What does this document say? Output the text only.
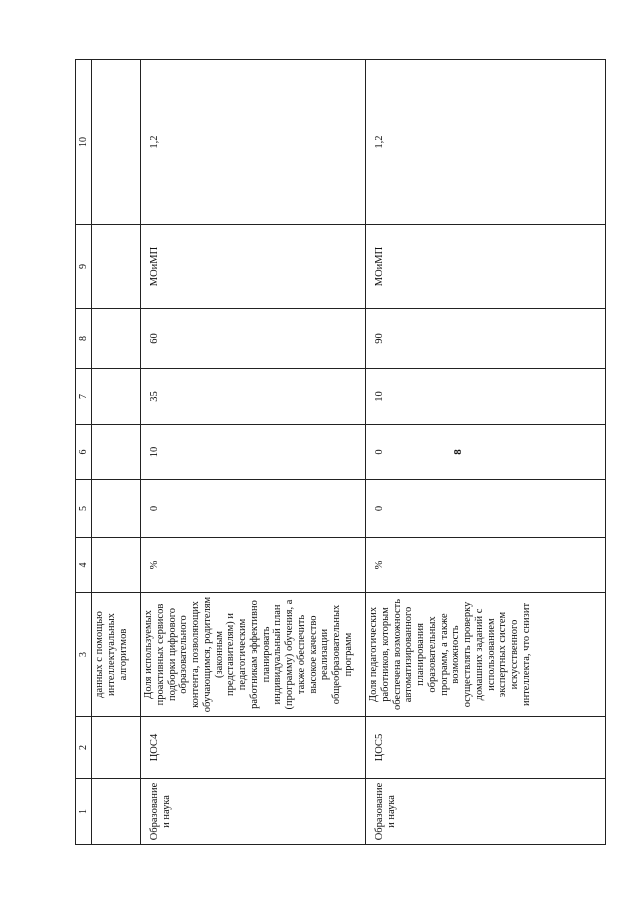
8
1	2	3	4	5	6	7	8	9	10
		данных с помощью интеллектуальных алгоритмов							
Образование и наука	ЦОС4	Доля используемых проактивных сервисов подборки цифрового образовательного контента, позволяющих обучающимся, родителям (законным представителям) и педагогическим работникам эффективно планировать индивидуальный план (программу) обучения, а также обеспечить высокое качество реализации общеобразовательных программ	%	0	10	35	60	МОиМП	1,2
Образование и наука	ЦОС5	Доля педагогических работников, которым обеспечена возможность автоматизированного планирования образовательных программ, а также возможность осуществлять проверку домашних заданий с использованием экспертных систем искусственного интеллекта, что снизит	%	0	0	10	90	МОиМП	1,2
